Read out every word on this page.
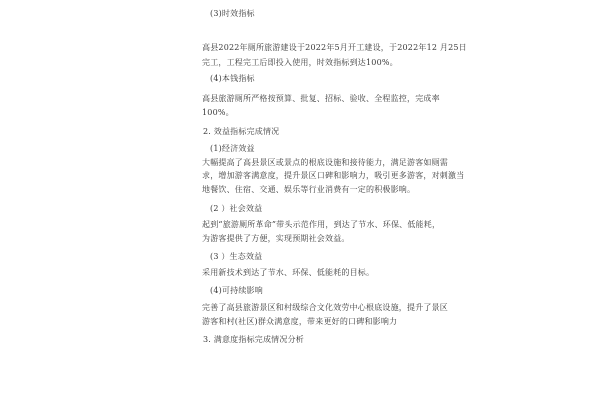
(3)时效指标
高县2022年厕所旅游建设于2022年5月开工建设，于2022年12 月25日
完工，工程完工后即投入使用，时效指标到达100%。
(4)本钱指标
高县旅游厕所严格按预算、批复、招标、验收、全程监控，完成率
100%。
2. 效益指标完成情况
(1)经济效益
大幅提高了高县景区或景点的根底设施和接待能力，满足游客如厕需
求，增加游客满意度，提升景区口碑和影响力，吸引更多游客，对刺激当
地餐饮、住宿、交通、娱乐等行业消费有一定的积极影响。
(2 ）社会效益
起到“旅游厕所革命”带头示范作用，到达了节水、环保、低能耗，
为游客提供了方便，实现预期社会效益。
(3 ）生态效益
采用新技术到达了节水、环保、低能耗的目标。
(4)可持续影响
完善了高县旅游景区和村级综合文化效劳中心根底设施，提升了景区
游客和村(社区)群众满意度，带来更好的口碑和影响力
3. 满意度指标完成情况分析
